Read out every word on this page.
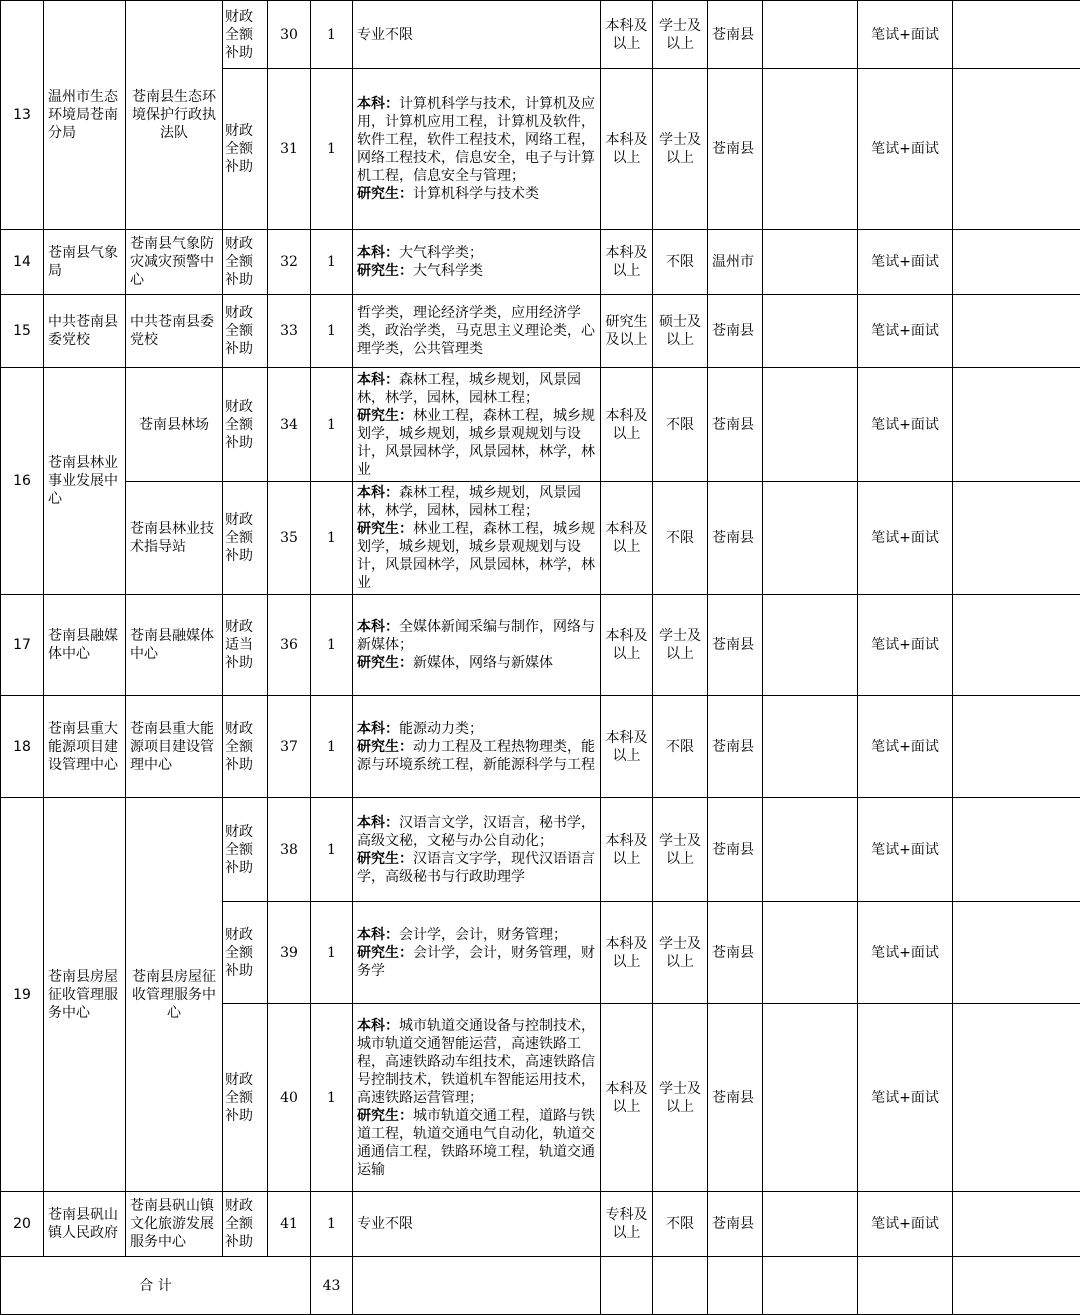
13	温州市生态环境局苍南分局	苍南县生态环境保护行政执法队	财政全额补助	30	1	专业不限	本科及以上	学士及以上	苍南县		笔试+面试	
			财政全额补助	31	1	本科：计算机科学与技术，计算机及应用，计算机应用工程，计算机及软件，软件工程，软件工程技术，网络工程，网络工程技术，信息安全，电子与计算机工程，信息安全与管理；
研究生：计算机科学与技术类	本科及以上	学士及以上	苍南县		笔试+面试	
14	苍南县气象局	苍南县气象防灾减灾预警中心	财政全额补助	32	1	本科：大气科学类；
研究生：大气科学类	本科及以上	不限	温州市		笔试+面试	
15	中共苍南县委党校	中共苍南县委党校	财政全额补助	33	1	哲学类，理论经济学类，应用经济学类，政治学类，马克思主义理论类，心理学类，公共管理类	研究生及以上	硕士及以上	苍南县		笔试+面试	
16	苍南县林业事业发展中心	苍南县林场	财政全额补助	34	1	本科：森林工程，城乡规划，风景园林，林学，园林，园林工程；
研究生：林业工程，森林工程，城乡规划学，城乡规划，城乡景观规划与设计，风景园林学，风景园林，林学，林业	本科及以上	不限	苍南县		笔试+面试	
		苍南县林业技术指导站	财政全额补助	35	1	本科：森林工程，城乡规划，风景园林，林学，园林，园林工程；
研究生：林业工程，森林工程，城乡规划学，城乡规划，城乡景观规划与设计，风景园林学，风景园林，林学，林业	本科及以上	不限	苍南县		笔试+面试	
17	苍南县融媒体中心	苍南县融媒体中心	财政适当补助	36	1	本科：全媒体新闻采编与制作，网络与新媒体；
研究生：新媒体，网络与新媒体	本科及以上	学士及以上	苍南县		笔试+面试	
18	苍南县重大能源项目建设管理中心	苍南县重大能源项目建设管理中心	财政全额补助	37	1	本科：能源动力类；
研究生：动力工程及工程热物理类，能源与环境系统工程，新能源科学与工程	本科及以上	不限	苍南县		笔试+面试	
19	苍南县房屋征收管理服务中心	苍南县房屋征收管理服务中心	财政全额补助	38	1	本科：汉语言文学，汉语言，秘书学，高级文秘，文秘与办公自动化；
研究生：汉语言文字学，现代汉语语言学，高级秘书与行政助理学	本科及以上	学士及以上	苍南县		笔试+面试	
			财政全额补助	39	1	本科：会计学，会计，财务管理；
研究生：会计学，会计，财务管理，财务学	本科及以上	学士及以上	苍南县		笔试+面试	
			财政全额补助	40	1	本科：城市轨道交通设备与控制技术，城市轨道交通智能运营，高速铁路工程，高速铁路动车组技术，高速铁路信号控制技术，铁道机车智能运用技术，高速铁路运营管理；
研究生：城市轨道交通工程，道路与铁道工程，轨道交通电气自动化，轨道交通通信工程，铁路环境工程，轨道交通运输	本科及以上	学士及以上	苍南县		笔试+面试	
20	苍南县矾山镇人民政府	苍南县矾山镇文化旅游发展服务中心	财政全额补助	41	1	专业不限	专科及以上	不限	苍南县		笔试+面试	
合 计					43							
